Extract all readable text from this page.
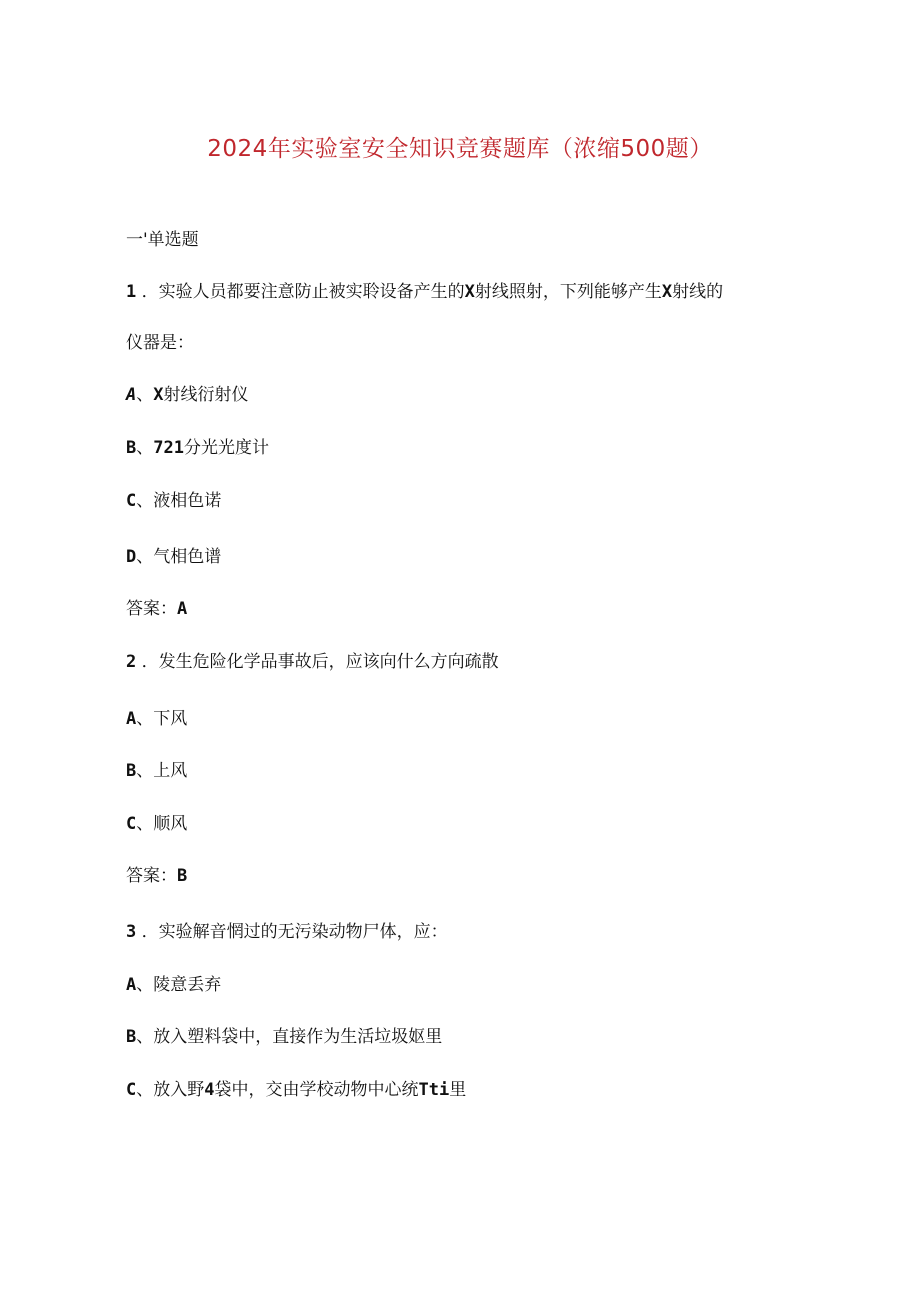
2024年实验室安全知识竞赛题库（浓缩500题）
一'单选题
1 ．实验人员都要注意防止被实聆设备产生的X射线照射，下列能够产生X射线的
仪器是：
A、X射线衍射仪
B、721分光光度计
C、液相色诺
D、气相色谱
答案：A
2 ．发生危险化学品事故后，应该向什么方向疏散
A、下风
B、上风
C、顺风
答案：B
3 ．实验解音惘过的无污染动物尸体，应：
A、陵意丢弃
B、放入塑料袋中，直接作为生活垃圾妪里
C、放入野4袋中，交由学校动物中心统Tti里
